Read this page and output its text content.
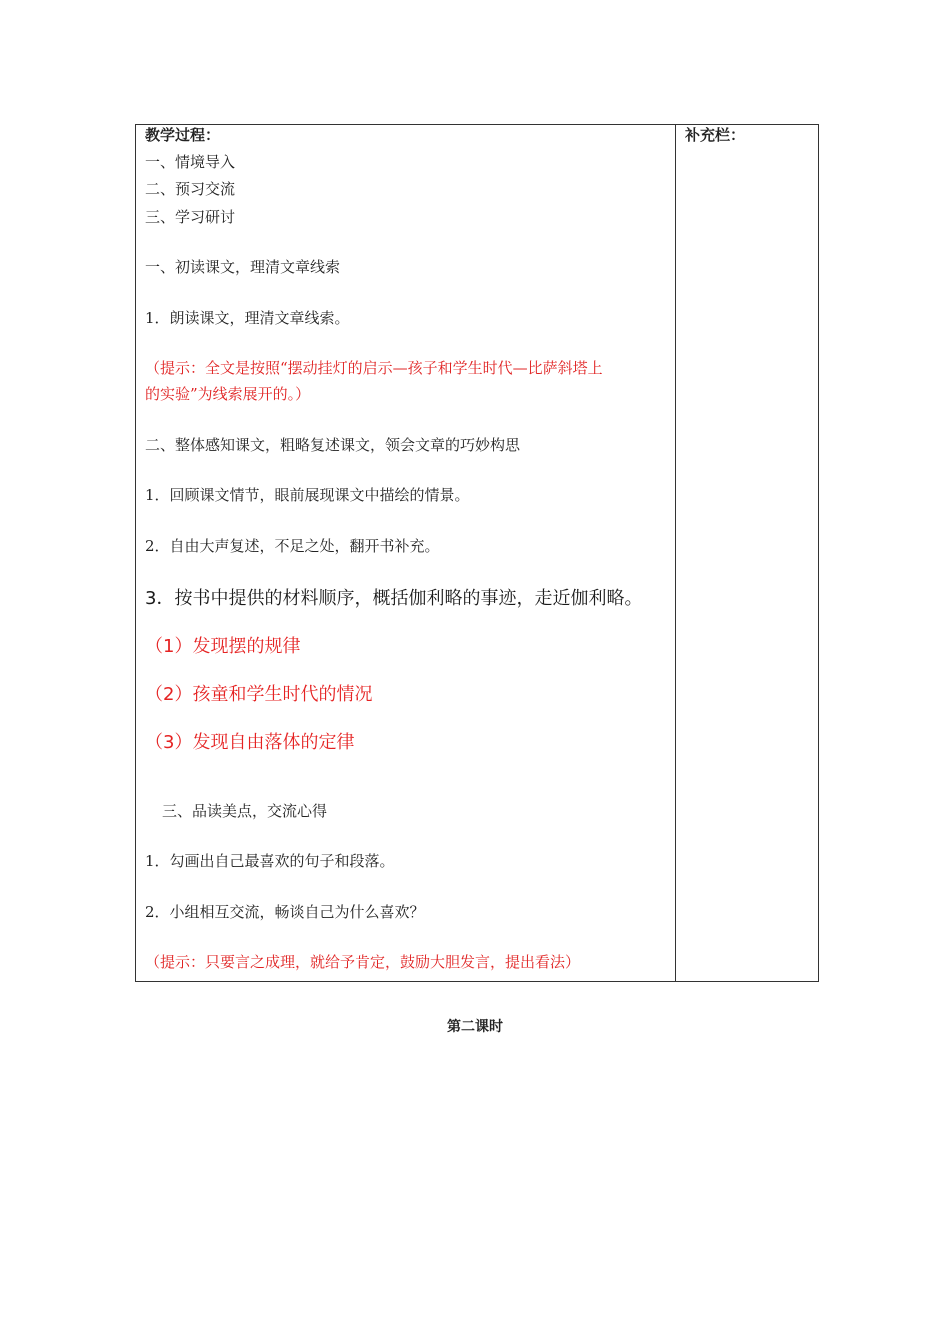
教学过程：
一、情境导入
二、预习交流
三、学习研讨
一、初读课文，理清文章线索
1．朗读课文，理清文章线索。
（提示：全文是按照“摆动挂灯的启示—孩子和学生时代—比萨斜塔上
的实验”为线索展开的。）
二、整体感知课文，粗略复述课文，领会文章的巧妙构思
1．回顾课文情节，眼前展现课文中描绘的情景。
2．自由大声复述，不足之处，翻开书补充。
3．按书中提供的材料顺序，概括伽利略的事迹，走近伽利略。
（1）发现摆的规律
（2）孩童和学生时代的情况
（3）发现自由落体的定律
三、品读美点，交流心得
1．勾画出自己最喜欢的句子和段落。
2．小组相互交流，畅谈自己为什么喜欢？
（提示：只要言之成理，就给予肯定，鼓励大胆发言，提出看法）
补充栏：
第二课时
